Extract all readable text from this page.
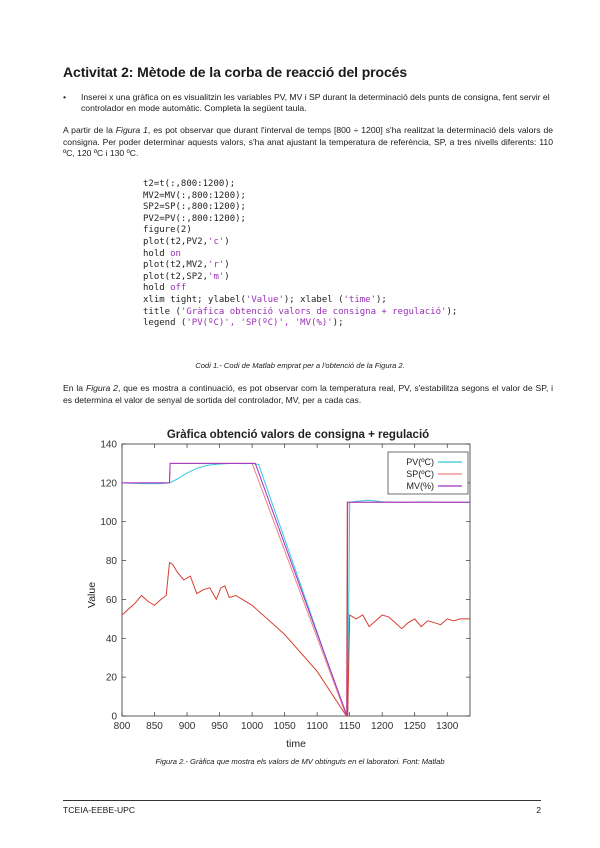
Activitat 2: Mètode de la corba de reacció del procés
• Inserei x una gràfica on es visualitzin les variables PV, MV i SP durant la determinació dels punts de consigna, fent servir el controlador en mode automàtic. Completa la següent taula.
A partir de la Figura 1, es pot observar que durant l'interval de temps [800 ÷ 1200] s'ha realitzat la determinació dels valors de consigna. Per poder determinar aquests valors, s'ha anat ajustant la temperatura de referència, SP, a tres nivells diferents: 110 ºC, 120 ºC i 130 ºC.
t2=t(:,800:1200);
MV2=MV(:,800:1200);
SP2=SP(:,800:1200);
PV2=PV(:,800:1200);
figure(2)
plot(t2,PV2,'c')
hold on
plot(t2,MV2,'r')
plot(t2,SP2,'m')
hold off
xlim tight; ylabel('Value'); xlabel ('time');
title ('Gràfica obtenció valors de consigna + regulació');
legend ('PV(ºC)', 'SP(ºC)', 'MV(%)');
Codi 1.- Codi de Matlab emprat per a l'obtenció de la Figura 2.
En la Figura 2, que es mostra a continuació, es pot observar com la temperatura real, PV, s'estabilitza segons el valor de SP, i es determina el valor de senyal de sortida del controlador, MV, per a cada cas.
Gràfica obtenció valors de consigna + regulació
800 850 900 950 1000 1050 1100 1150 1200 1250 1300
0
20
40
60
80
100
120
140
PV(ºC)
SP(ºC)
MV(%)
time
Value
Figura 2.- Gràfica que mostra els valors de MV obtinguts en el laboratori. Font: Matlab
TCEIA-EEBE-UPC	2
